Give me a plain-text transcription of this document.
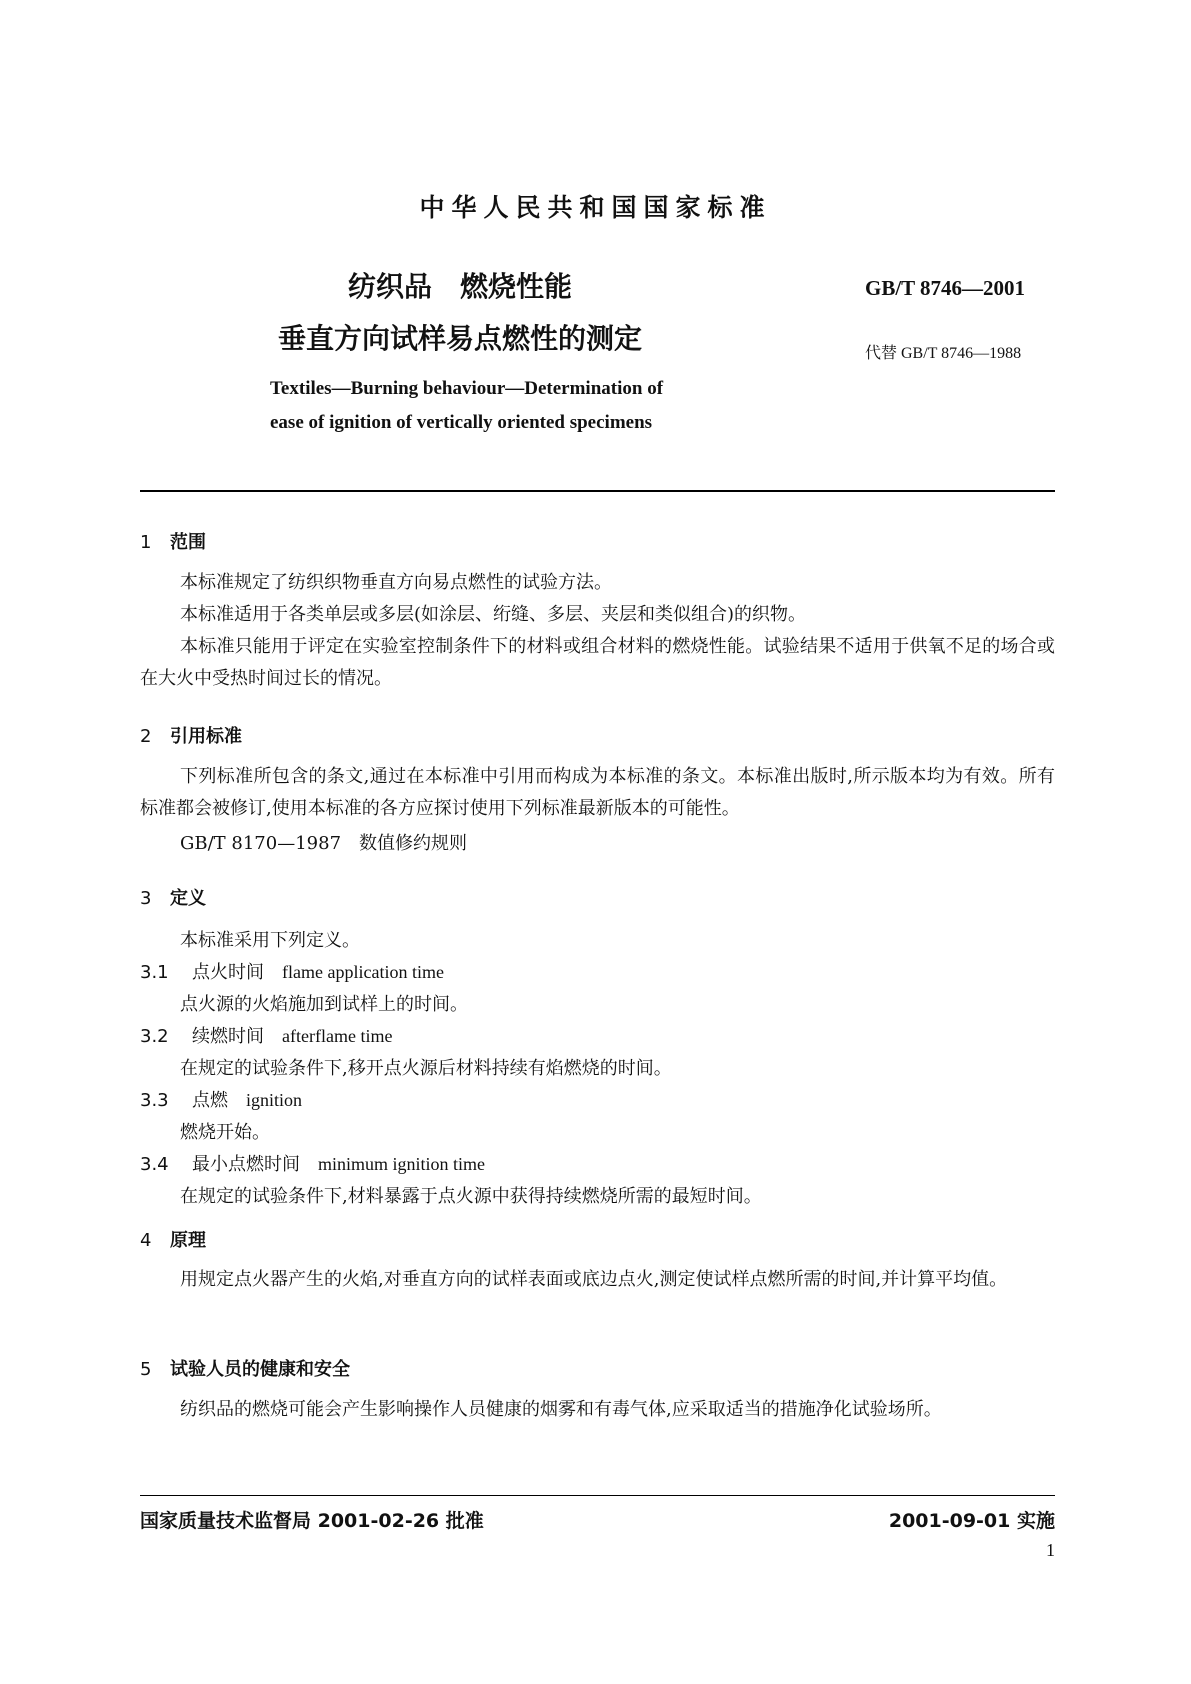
中华人民共和国国家标准
纺织品　燃烧性能
垂直方向试样易点燃性的测定
Textiles—Burning behaviour—Determination of
ease of ignition of vertically oriented specimens
GB/T 8746—2001
代替 GB/T 8746—1988
1 范围
本标准规定了纺织织物垂直方向易点燃性的试验方法。
本标准适用于各类单层或多层(如涂层、绗缝、多层、夹层和类似组合)的织物。
本标准只能用于评定在实验室控制条件下的材料或组合材料的燃烧性能。试验结果不适用于供氧不足的场合或在大火中受热时间过长的情况。
2 引用标准
下列标准所包含的条文,通过在本标准中引用而构成为本标准的条文。本标准出版时,所示版本均为有效。所有标准都会被修订,使用本标准的各方应探讨使用下列标准最新版本的可能性。
GB/T 8170—1987　数值修约规则
3 定义
本标准采用下列定义。
3.1 点火时间 flame application time
点火源的火焰施加到试样上的时间。
3.2 续燃时间 afterflame time
在规定的试验条件下,移开点火源后材料持续有焰燃烧的时间。
3.3 点燃 ignition
燃烧开始。
3.4 最小点燃时间 minimum ignition time
在规定的试验条件下,材料暴露于点火源中获得持续燃烧所需的最短时间。
4 原理
用规定点火器产生的火焰,对垂直方向的试样表面或底边点火,测定使试样点燃所需的时间,并计算平均值。
5 试验人员的健康和安全
纺织品的燃烧可能会产生影响操作人员健康的烟雾和有毒气体,应采取适当的措施净化试验场所。
国家质量技术监督局 2001-02-26 批准	2001-09-01 实施
1
